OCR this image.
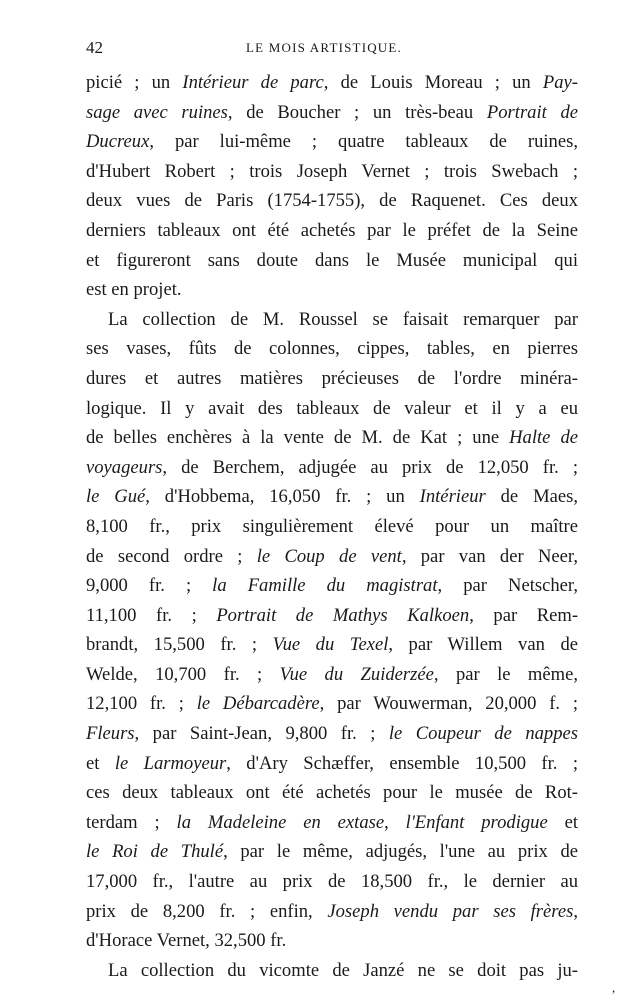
42	LE MOIS ARTISTIQUE.
picié ; un Intérieur de parc, de Louis Moreau ; un Pay-
sage avec ruines, de Boucher ; un très-beau Portrait de
Ducreux, par lui-même ; quatre tableaux de ruines,
d'Hubert Robert ; trois Joseph Vernet ; trois Swebach ;
deux vues de Paris (1754-1755), de Raquenet. Ces deux
derniers tableaux ont été achetés par le préfet de la Seine
et figureront sans doute dans le Musée municipal qui
est en projet.
La collection de M. Roussel se faisait remarquer par
ses vases, fûts de colonnes, cippes, tables, en pierres
dures et autres matières précieuses de l'ordre minéra-
logique. Il y avait des tableaux de valeur et il y a eu
de belles enchères à la vente de M. de Kat ; une Halte de
voyageurs, de Berchem, adjugée au prix de 12,050 fr. ;
le Gué, d'Hobbema, 16,050 fr. ; un Intérieur de Maes,
8,100 fr., prix singulièrement élevé pour un maître
de second ordre ; le Coup de vent, par van der Neer,
9,000 fr. ; la Famille du magistrat, par Netscher,
11,100 fr. ; Portrait de Mathys Kalkoen, par Rem-
brandt, 15,500 fr. ; Vue du Texel, par Willem van de
Welde, 10,700 fr. ; Vue du Zuiderzée, par le même,
12,100 fr. ; le Débarcadère, par Wouwerman, 20,000 f. ;
Fleurs, par Saint-Jean, 9,800 fr. ; le Coupeur de nappes
et le Larmoyeur, d'Ary Schæffer, ensemble 10,500 fr. ;
ces deux tableaux ont été achetés pour le musée de Rot-
terdam ; la Madeleine en extase, l'Enfant prodigue et
le Roi de Thulé, par le même, adjugés, l'une au prix de
17,000 fr., l'autre au prix de 18,500 fr., le dernier au
prix de 8,200 fr. ; enfin, Joseph vendu par ses frères,
d'Horace Vernet, 32,500 fr.
La collection du vicomte de Janzé ne se doit pas ju-
,
